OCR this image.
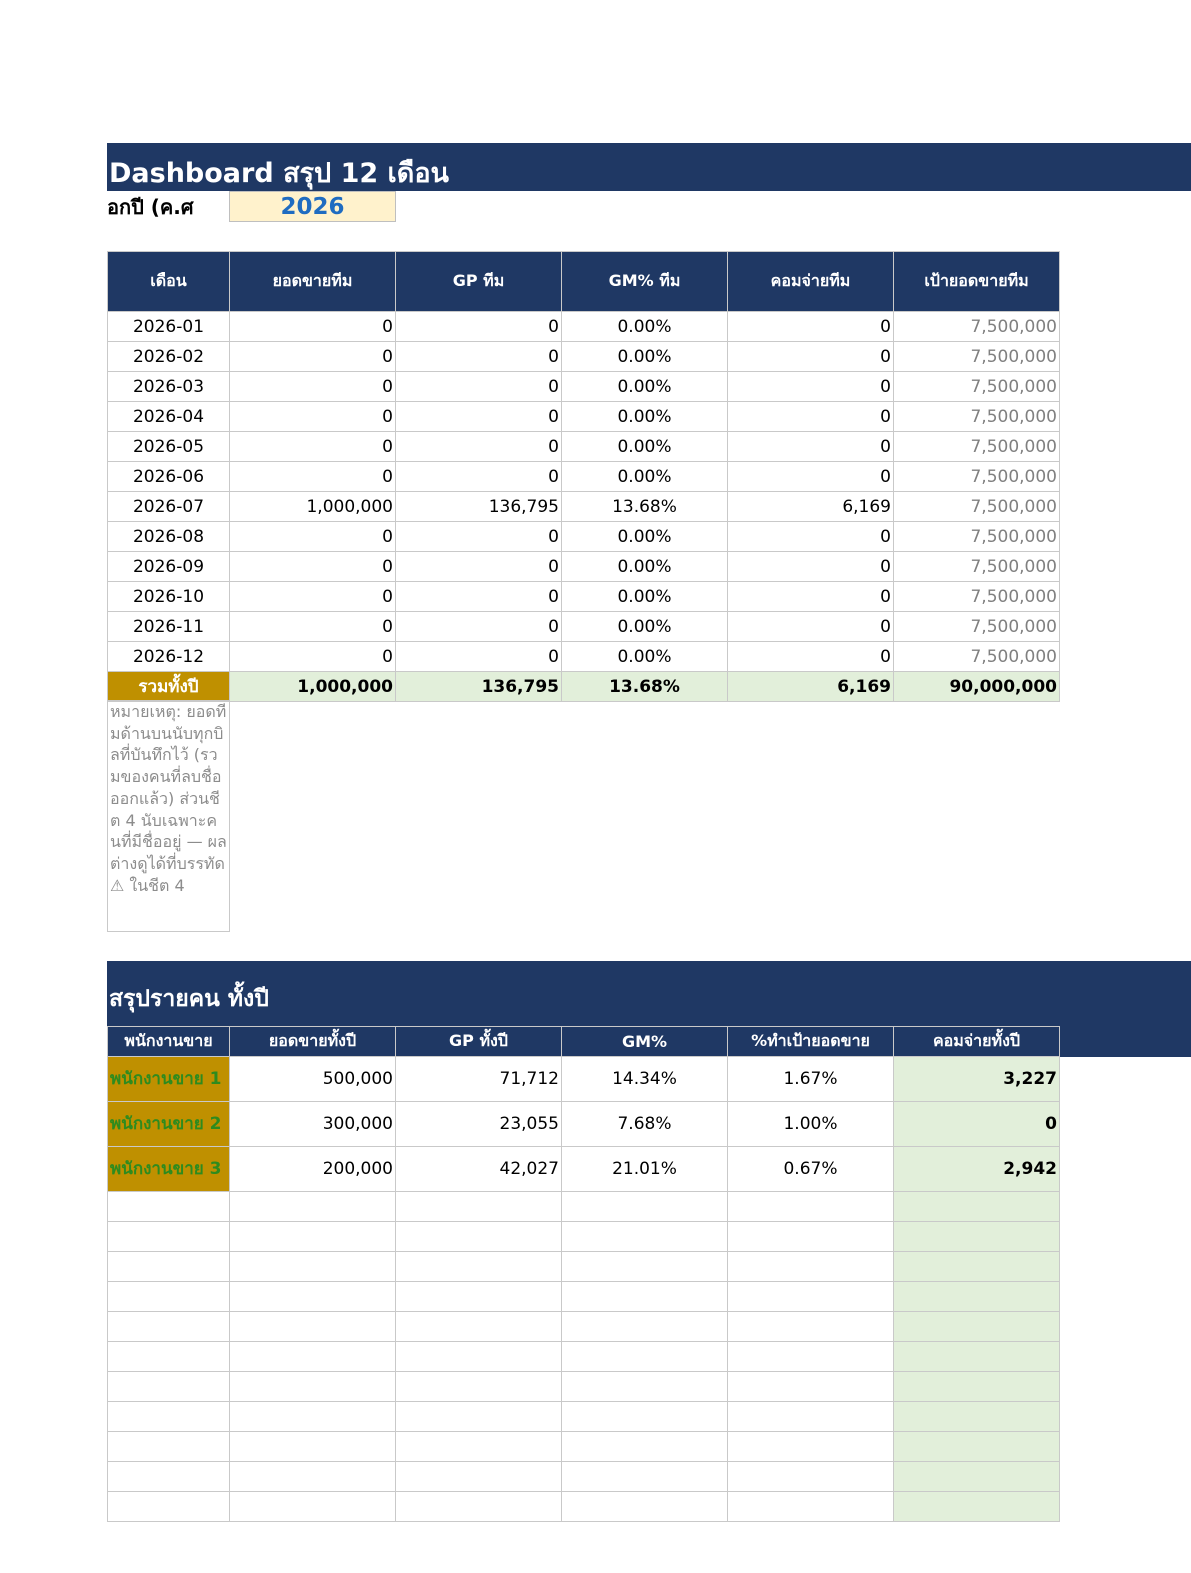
Dashboard สรุป 12 เดือน
อกปี (ค.ศ	2026
เดือน	ยอดขายทีม	GP ทีม	GM% ทีม	คอมจ่ายทีม	เป้ายอดขายทีม
2026-01	0	0	0.00%	0	7,500,000
2026-02	0	0	0.00%	0	7,500,000
2026-03	0	0	0.00%	0	7,500,000
2026-04	0	0	0.00%	0	7,500,000
2026-05	0	0	0.00%	0	7,500,000
2026-06	0	0	0.00%	0	7,500,000
2026-07	1,000,000	136,795	13.68%	6,169	7,500,000
2026-08	0	0	0.00%	0	7,500,000
2026-09	0	0	0.00%	0	7,500,000
2026-10	0	0	0.00%	0	7,500,000
2026-11	0	0	0.00%	0	7,500,000
2026-12	0	0	0.00%	0	7,500,000
รวมทั้งปี	1,000,000	136,795	13.68%	6,169	90,000,000
หมายเหตุ: ยอดทีมด้านบนนับทุกบิลที่บันทึกไว้ (รวมของคนที่ลบชื่อออกแล้ว) ส่วนชีต 4 นับเฉพาะคนที่มีชื่ออยู่ — ผลต่างดูได้ที่บรรทัด ⚠ ในชีต 4
สรุปรายคน ทั้งปี
พนักงานขาย	ยอดขายทั้งปี	GP ทั้งปี	GM%	%ทำเป้ายอดขาย	คอมจ่ายทั้งปี
พนักงานขาย 1	500,000	71,712	14.34%	1.67%	3,227
พนักงานขาย 2	300,000	23,055	7.68%	1.00%	0
พนักงานขาย 3	200,000	42,027	21.01%	0.67%	2,942
